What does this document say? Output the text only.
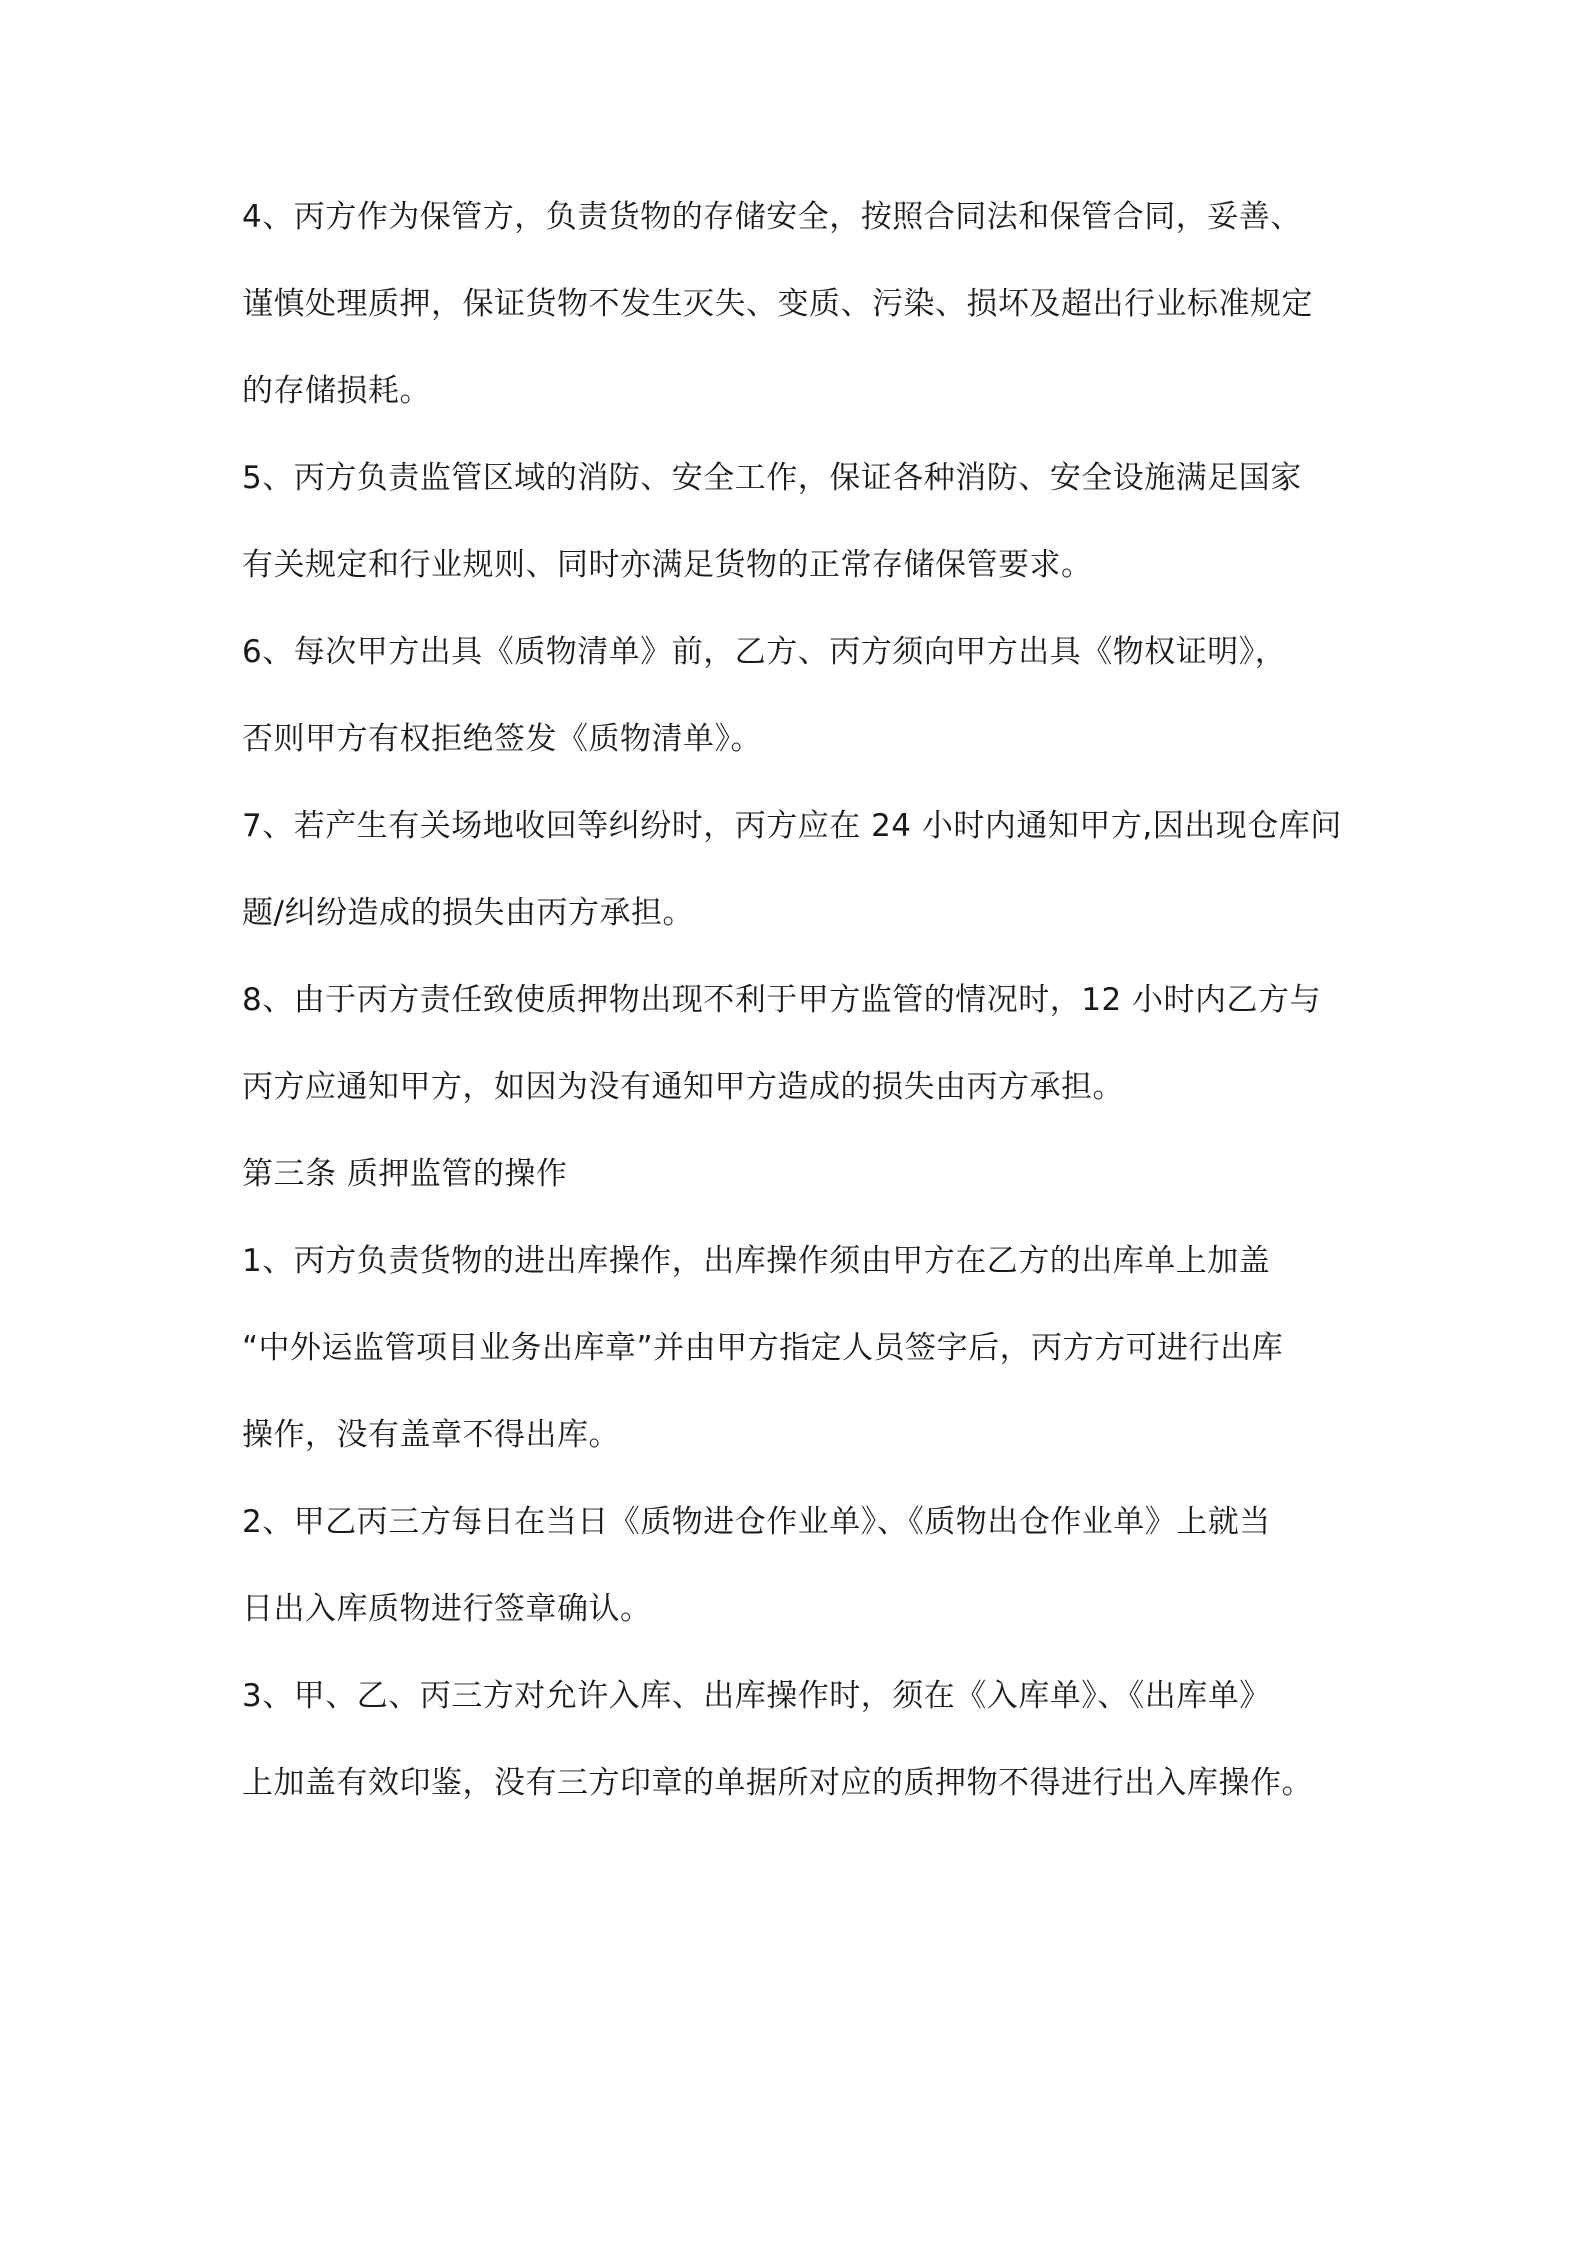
4、丙方作为保管方，负责货物的存储安全，按照合同法和保管合同，妥善、
谨慎处理质押，保证货物不发生灭失、变质、污染、损坏及超出行业标准规定
的存储损耗。
5、丙方负责监管区域的消防、安全工作，保证各种消防、安全设施满足国家
有关规定和行业规则、同时亦满足货物的正常存储保管要求。
6、每次甲方出具《质物清单》前，乙方、丙方须向甲方出具《物权证明》，
否则甲方有权拒绝签发《质物清单》。
7、若产生有关场地收回等纠纷时，丙方应在 24 小时内通知甲方,因出现仓库问
题/纠纷造成的损失由丙方承担。
8、由于丙方责任致使质押物出现不利于甲方监管的情况时，12 小时内乙方与
丙方应通知甲方，如因为没有通知甲方造成的损失由丙方承担。
第三条 质押监管的操作
1、丙方负责货物的进出库操作，出库操作须由甲方在乙方的出库单上加盖
“中外运监管项目业务出库章”并由甲方指定人员签字后，丙方方可进行出库
操作，没有盖章不得出库。
2、甲乙丙三方每日在当日《质物进仓作业单》、《质物出仓作业单》上就当
日出入库质物进行签章确认。
3、甲、乙、丙三方对允许入库、出库操作时，须在《入库单》、《出库单》
上加盖有效印鉴，没有三方印章的单据所对应的质押物不得进行出入库操作。
